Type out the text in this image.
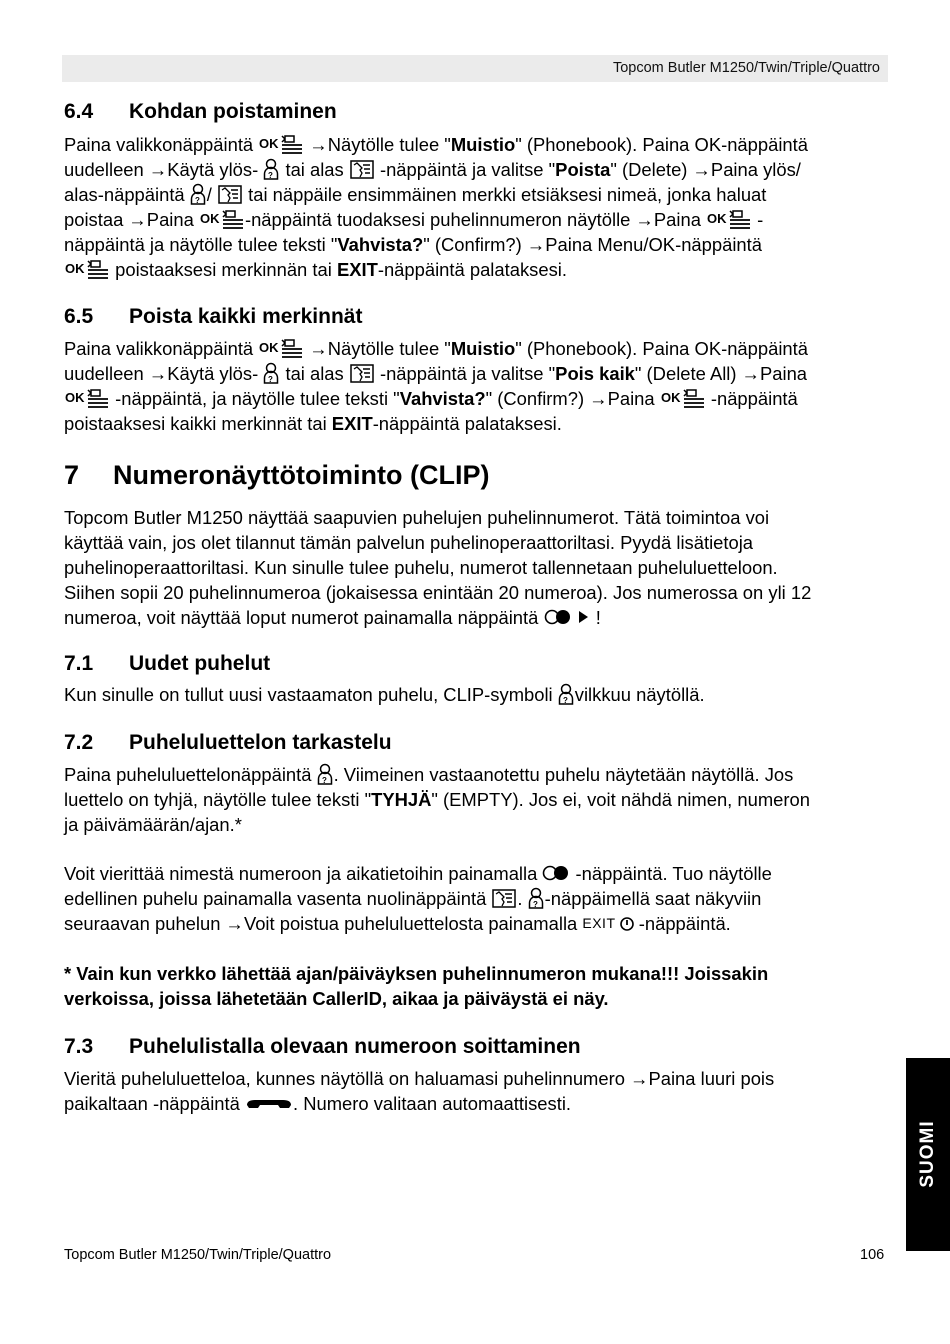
Topcom Butler M1250/Twin/Triple/Quattro
6.4 Kohdan poistaminen
Paina valikkonäppäintä	→Näytölle tulee "Muistio" (Phonebook). Paina OK-näppäintä
uudelleen →Käytä ylös-
tai alas
-näppäintä ja valitse "Poista" (Delete) →Paina ylös/
alas-näppäintä
/
tai näppäile ensimmäinen merkki etsiäksesi nimeä, jonka haluat
poistaa →Paina	-näppäintä tuodaksesi puhelinnumeron näytölle →Paina	-
näppäintä ja näytölle tulee teksti "Vahvista?" (Confirm?) →Paina Menu/OK-näppäintä
poistaaksesi merkinnän tai EXIT-näppäintä palataksesi.
6.5 Poista kaikki merkinnät
Paina valikkonäppäintä	→Näytölle tulee "Muistio" (Phonebook). Paina OK-näppäintä
uudelleen →Käytä ylös-
tai alas
-näppäintä ja valitse "Pois kaik" (Delete All) →Paina
-näppäintä, ja näytölle tulee teksti "Vahvista?" (Confirm?) →Paina	-näppäintä
poistaaksesi kaikki merkinnät tai EXIT-näppäintä palataksesi.
7 Numeronäyttötoiminto (CLIP)
Topcom Butler M1250 näyttää saapuvien puhelujen puhelinnumerot. Tätä toimintoa voi
käyttää vain, jos olet tilannut tämän palvelun puhelinoperaattoriltasi. Pyydä lisätietoja
puhelinoperaattoriltasi. Kun sinulle tulee puhelu, numerot tallennetaan puheluluetteloon.
Siihen sopii 20 puhelinnumeroa (jokaisessa enintään 20 numeroa). Jos numerossa on yli 12
numeroa, voit näyttää loput numerot painamalla näppäintä
	!
7.1 Uudet puhelut
Kun sinulle on tullut uusi vastaamaton puhelu, CLIP-symboli
vilkkuu näytöllä.
7.2 Puheluluettelon tarkastelu
Paina puheluluettelonäppäintä
. Viimeinen vastaanotettu puhelu näytetään näytöllä. Jos
luettelo on tyhjä, näytölle tulee teksti "TYHJÄ" (EMPTY). Jos ei, voit nähdä nimen, numeron
ja päivämäärän/ajan.*
Voit vierittää nimestä numeroon ja aikatietoihin painamalla
-näppäintä. Tuo näytölle
edellinen puhelu painamalla vasenta nuolinäppäintä
.
-näppäimellä saat näkyviin
seuraavan puhelun →Voit poistua puheluluettelosta painamalla EXIT  -näppäintä.
* Vain kun verkko lähettää ajan/päiväyksen puhelinnumeron mukana!!! Joissakin
verkoissa, joissa lähetetään CallerID, aikaa ja päiväystä ei näy.
7.3 Puhelulistalla olevaan numeroon soittaminen
Vieritä puheluluetteloa, kunnes näytöllä on haluamasi puhelinnumero →Paina luuri pois
paikaltaan -näppäintä	. Numero valitaan automaattisesti.
SUOMI
Topcom Butler M1250/Twin/Triple/Quattro	106
